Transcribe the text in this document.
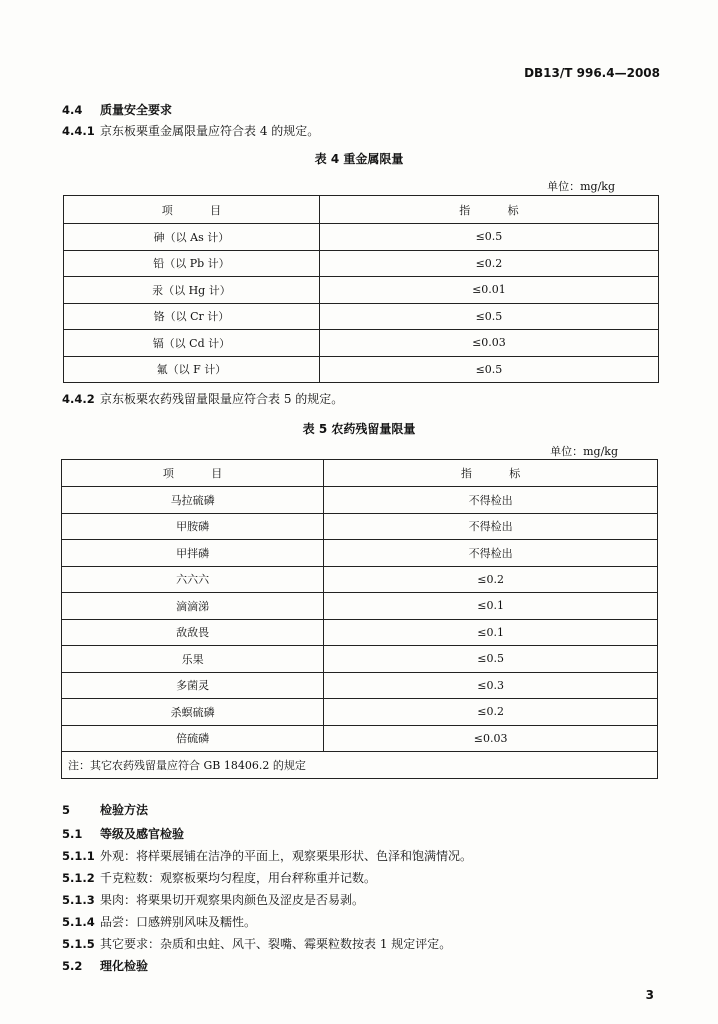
DB13/T 996.4—2008
4.4 质量安全要求
4.4.1 京东板栗重金属限量应符合表 4 的规定。
表 4 重金属限量
单位：mg/kg
项　目	指　标
砷（以 As 计）	≤0.5
铅（以 Pb 计）	≤0.2
汞（以 Hg 计）	≤0.01
铬（以 Cr 计）	≤0.5
镉（以 Cd 计）	≤0.03
氟（以 F 计）	≤0.5
4.4.2 京东板栗农药残留量限量应符合表 5 的规定。
表 5 农药残留量限量
单位：mg/kg
项　目	指　标
马拉硫磷	不得检出
甲胺磷	不得检出
甲拌磷	不得检出
六六六	≤0.2
滴滴涕	≤0.1
敌敌畏	≤0.1
乐果	≤0.5
多菌灵	≤0.3
杀螟硫磷	≤0.2
倍硫磷	≤0.03
注：其它农药残留量应符合 GB 18406.2 的规定	
5 检验方法
5.1 等级及感官检验
5.1.1 外观：将样栗展铺在洁净的平面上，观察栗果形状、色泽和饱满情况。
5.1.2 千克粒数：观察板栗均匀程度，用台秤称重并记数。
5.1.3 果肉：将栗果切开观察果肉颜色及涩皮是否易剥。
5.1.4 品尝：口感辨别风味及糯性。
5.1.5 其它要求：杂质和虫蛀、风干、裂嘴、霉栗粒数按表 1 规定评定。
5.2 理化检验
3
